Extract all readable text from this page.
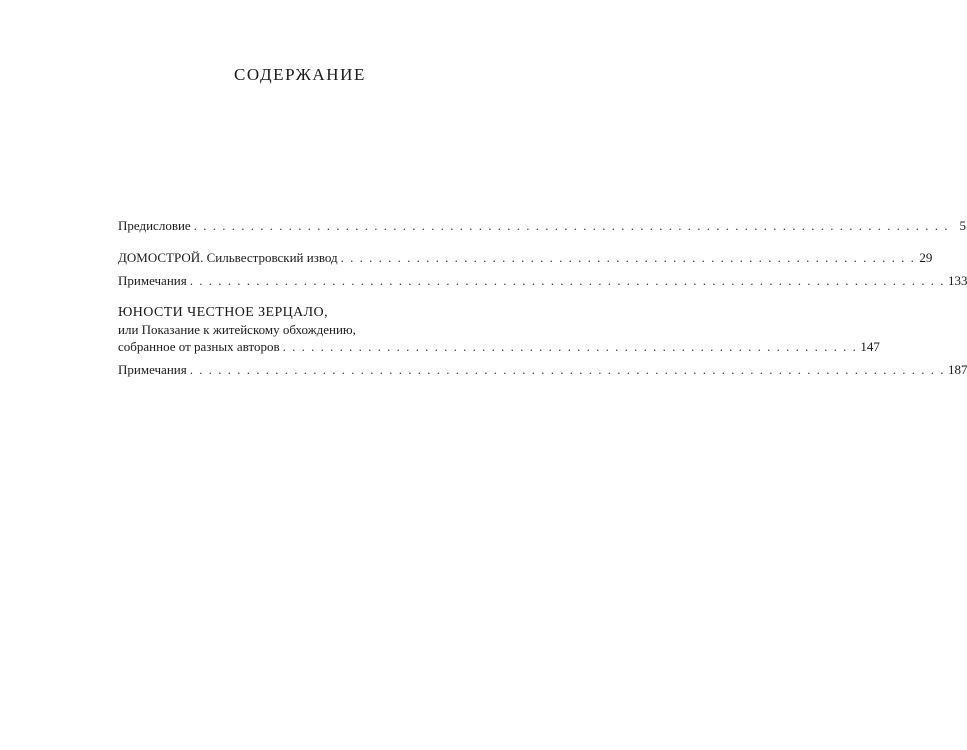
СОДЕРЖАНИЕ
Предисловие . . . . . . . . . . . . . . . . . . . . . . . . . . . . . . . . . . . . . . . . . . . . . . . . . . . . . . . . . . . . . . . . . . . . . . . . . . . . . . . . 5
ДОМОСТРОЙ. Сильвестровский извод . . . . . . . . . . . . . . . . . . . . . . . . . . . . . . . . . . . . . . . . . . . . . . . . . . . . . . . . . . . . . 29
Примечания . . . . . . . . . . . . . . . . . . . . . . . . . . . . . . . . . . . . . . . . . . . . . . . . . . . . . . . . . . . . . . . . . . . . . . . . . . . . . . . . 133
ЮНОСТИ ЧЕСТНОЕ ЗЕРЦАЛО,
или Показание к житейскому обхождению,
собранное от разных авторов . . . . . . . . . . . . . . . . . . . . . . . . . . . . . . . . . . . . . . . . . . . . . . . . . . . . . . . . . . . . . 147
Примечания . . . . . . . . . . . . . . . . . . . . . . . . . . . . . . . . . . . . . . . . . . . . . . . . . . . . . . . . . . . . . . . . . . . . . . . . . . . . . . . . 187
